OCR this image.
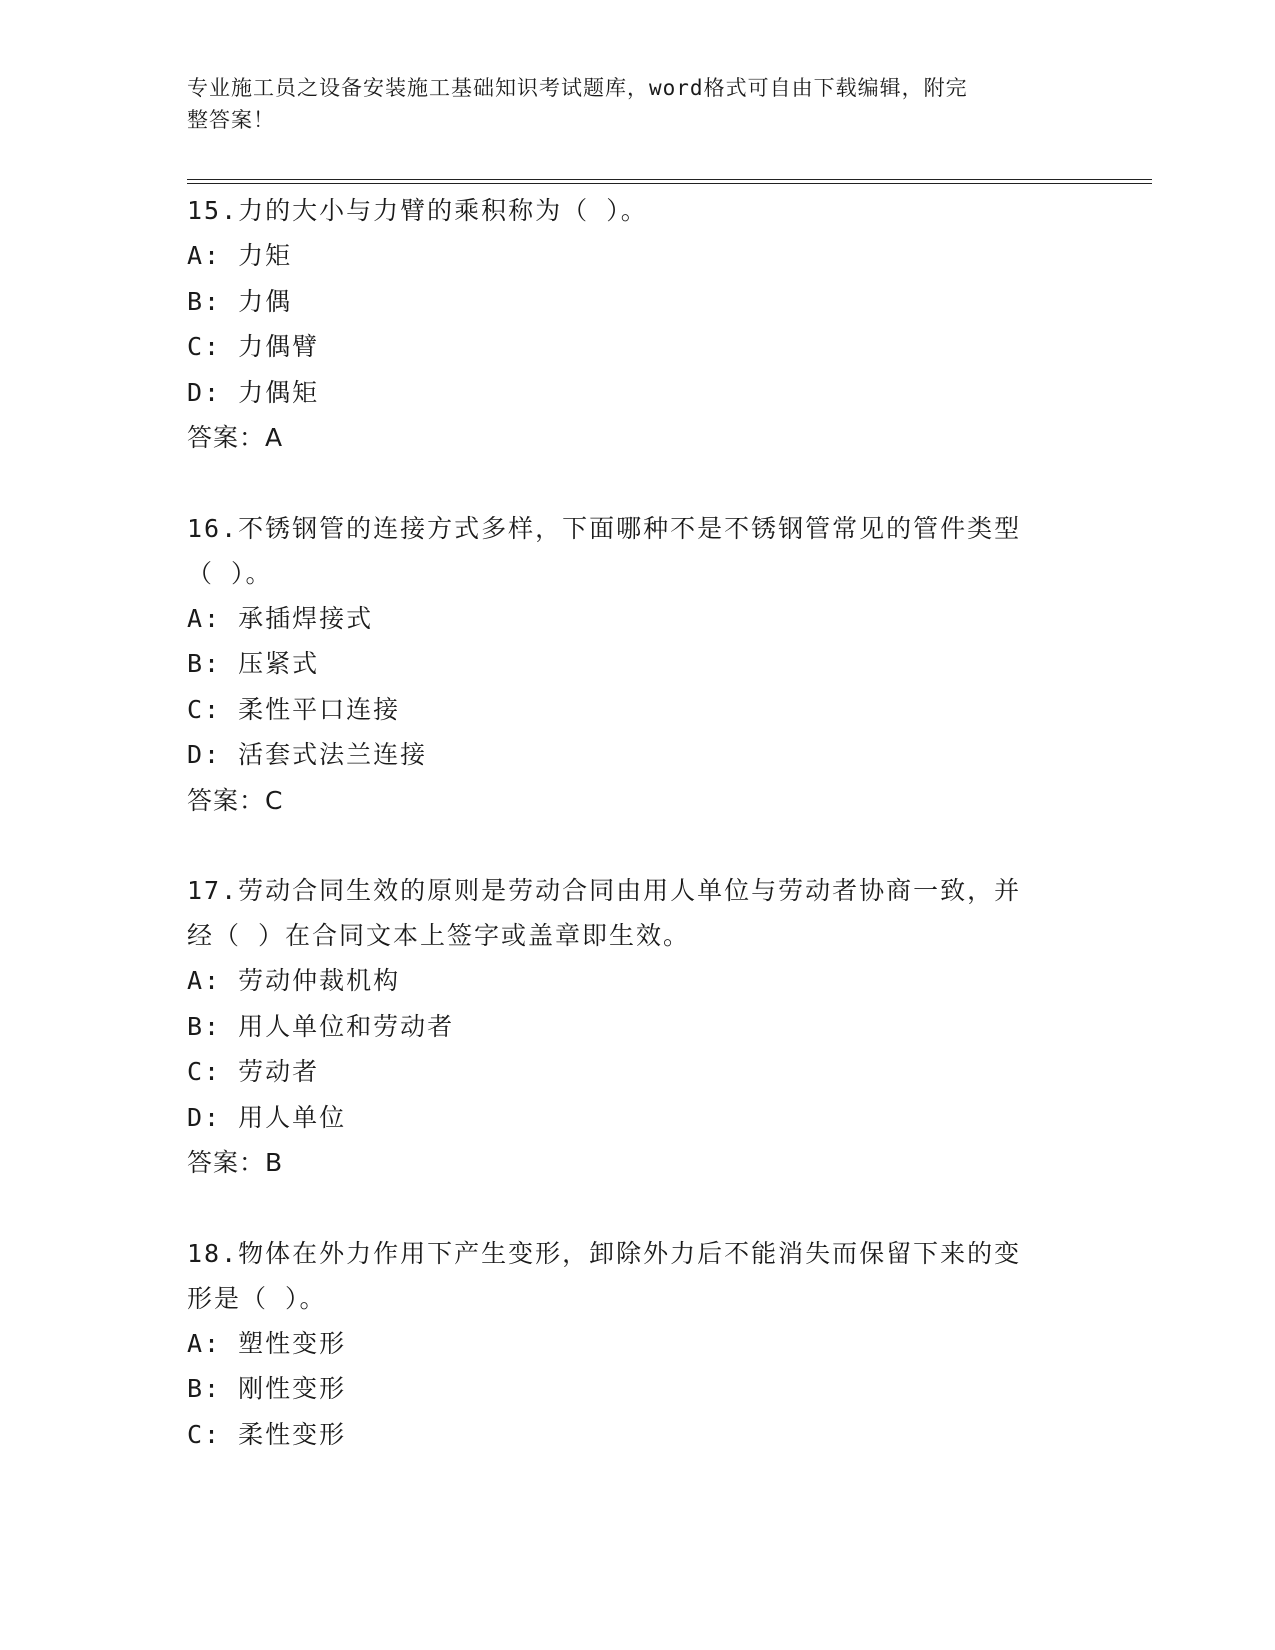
专业施工员之设备安装施工基础知识考试题库，word格式可自由下载编辑，附完
整答案！

15.力的大小与力臂的乘积称为（ ）。

A: 力矩

B: 力偶

C: 力偶臂

D: 力偶矩

答案：A

16.不锈钢管的连接方式多样，下面哪种不是不锈钢管常见的管件类型

（ ）。

A: 承插焊接式

B: 压紧式

C: 柔性平口连接

D: 活套式法兰连接

答案：C

17.劳动合同生效的原则是劳动合同由用人单位与劳动者协商一致，并

经（ ）在合同文本上签字或盖章即生效。

A: 劳动仲裁机构

B: 用人单位和劳动者

C: 劳动者

D: 用人单位

答案：B

18.物体在外力作用下产生变形，卸除外力后不能消失而保留下来的变

形是（ ）。

A: 塑性变形

B: 刚性变形

C: 柔性变形
